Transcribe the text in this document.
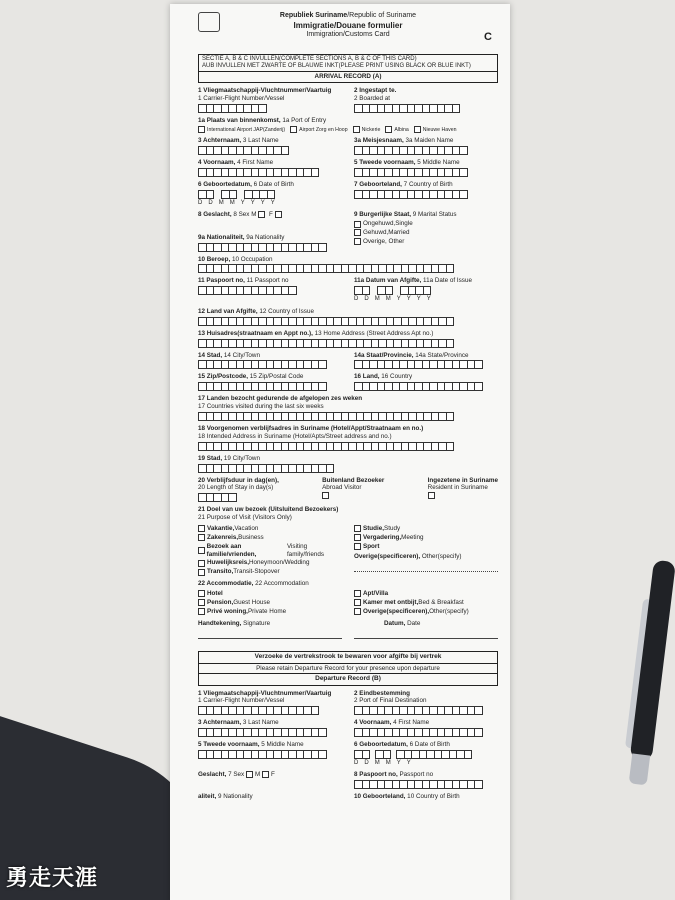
Republiek Suriname/Republic of Suriname
Immigratie/Douane formulier
Immigration/Customs Card	C
SECTIE A, B & C INVULLEN(COMPLETE SECTIONS A, B & C OF THIS CARD)
AUB INVULLEN MET ZWARTE OF BLAUWE INKT(PLEASE PRINT USING BLACK OR BLUE INKT)
ARRIVAL RECORD (A)
1 Vliegmaatschappij-Vluchtnummer/Vaartuig
1 Carrier-Flight Number/Vessel
2 Ingestapt te.
2 Boarded at
1a Plaats van binnenkomst, 1a Port of Entry
International Airport JAP(Zanderij)	Airport Zorg en Hoop	Nickerie	Albina	Nieuwe Haven
3 Achternaam, 3 Last Name	3a Meisjesnaam, 3a Maiden Name
4 Voornaam, 4 First Name	5 Tweede voornaam, 5 Middle Name
6 Geboortedatum, 6 Date of Birth
D D M M Y Y Y Y
7 Geboorteland, 7 Country of Birth
8 Geslacht, 8 Sex M F	9 Burgerlijke Staat, 9 Marital Status
Ongehuwd,Single
Gehuwd,Married
Overige, Other
9a Nationaliteit, 9a Nationality
10 Beroep, 10 Occupation
11 Paspoort no, 11 Passport no	11a Datum van Afgifte, 11a Date of Issue
D D M M Y Y Y Y
12 Land van Afgifte, 12 Country of Issue
13 Huisadres(straatnaam en Appt no.), 13 Home Address (Street Address Apt no.)
14 Stad, 14 City/Town	14a Staat/Provincie, 14a State/Province
15 Zip/Postcode, 15 Zip/Postal Code	16 Land, 16 Country
17 Landen bezocht gedurende de afgelopen zes weken
17 Countries visited during the last six weeks
18 Voorgenomen verblijfsadres in Suriname (Hotel/Appt/Straatnaam en no.)
18 Intended Address in Suriname (Hotel/Apts/Street address and no.)
19 Stad, 19 City/Town
20 Verblijfsduur in dag(en),
20 Length of Stay in day(s)
Buitenland Bezoeker
Abroad Visitor
Ingezetene in Suriname
Resident in Suriname
21 Doel van uw bezoek (Uitsluitend Bezoekers)
21 Purpose of Visit (Visitors Only)
Vakantie, Vacation
Zakenreis, Business
Bezoek aan familie/vrienden,
Visiting family/friends
Huwelijksreis, Honeymoon/Wedding
Transito, Transit-Stopover
Studie, Study
Vergadering, Meeting
Sport
Overige(specificeren), Other(specify)
22 Accommodatie, 22 Accommodation
Hotel
Pension, Guest House
Privé woning, Private Home
Apt/Villa
Kamer met ontbijt, Bed & Breakfast
Overige(specificeren), Other(specify)
Handtekening, Signature	Datum, Date
Verzoeke de vertrekstrook te bewaren voor afgifte bij vertrek
Please retain Departure Record for your presence upon departure
Departure Record (B)
1 Vliegmaatschappij-Vluchtnummer/Vaartuig
1 Carrier-Flight Number/Vessel
2 Eindbestemming
2 Port of Final Destination
3 Achternaam, 3 Last Name	4 Voornaam, 4 First Name
5 Tweede voornaam, 5 Middle Name	6 Geboortedatum, 6 Date of Birth
D D M M Y Y
Geslacht, 7 Sex M F	8 Paspoort no, Passport no
aliteit, 9 Nationality	10 Geboorteland, 10 Country of Birth
勇走天涯
